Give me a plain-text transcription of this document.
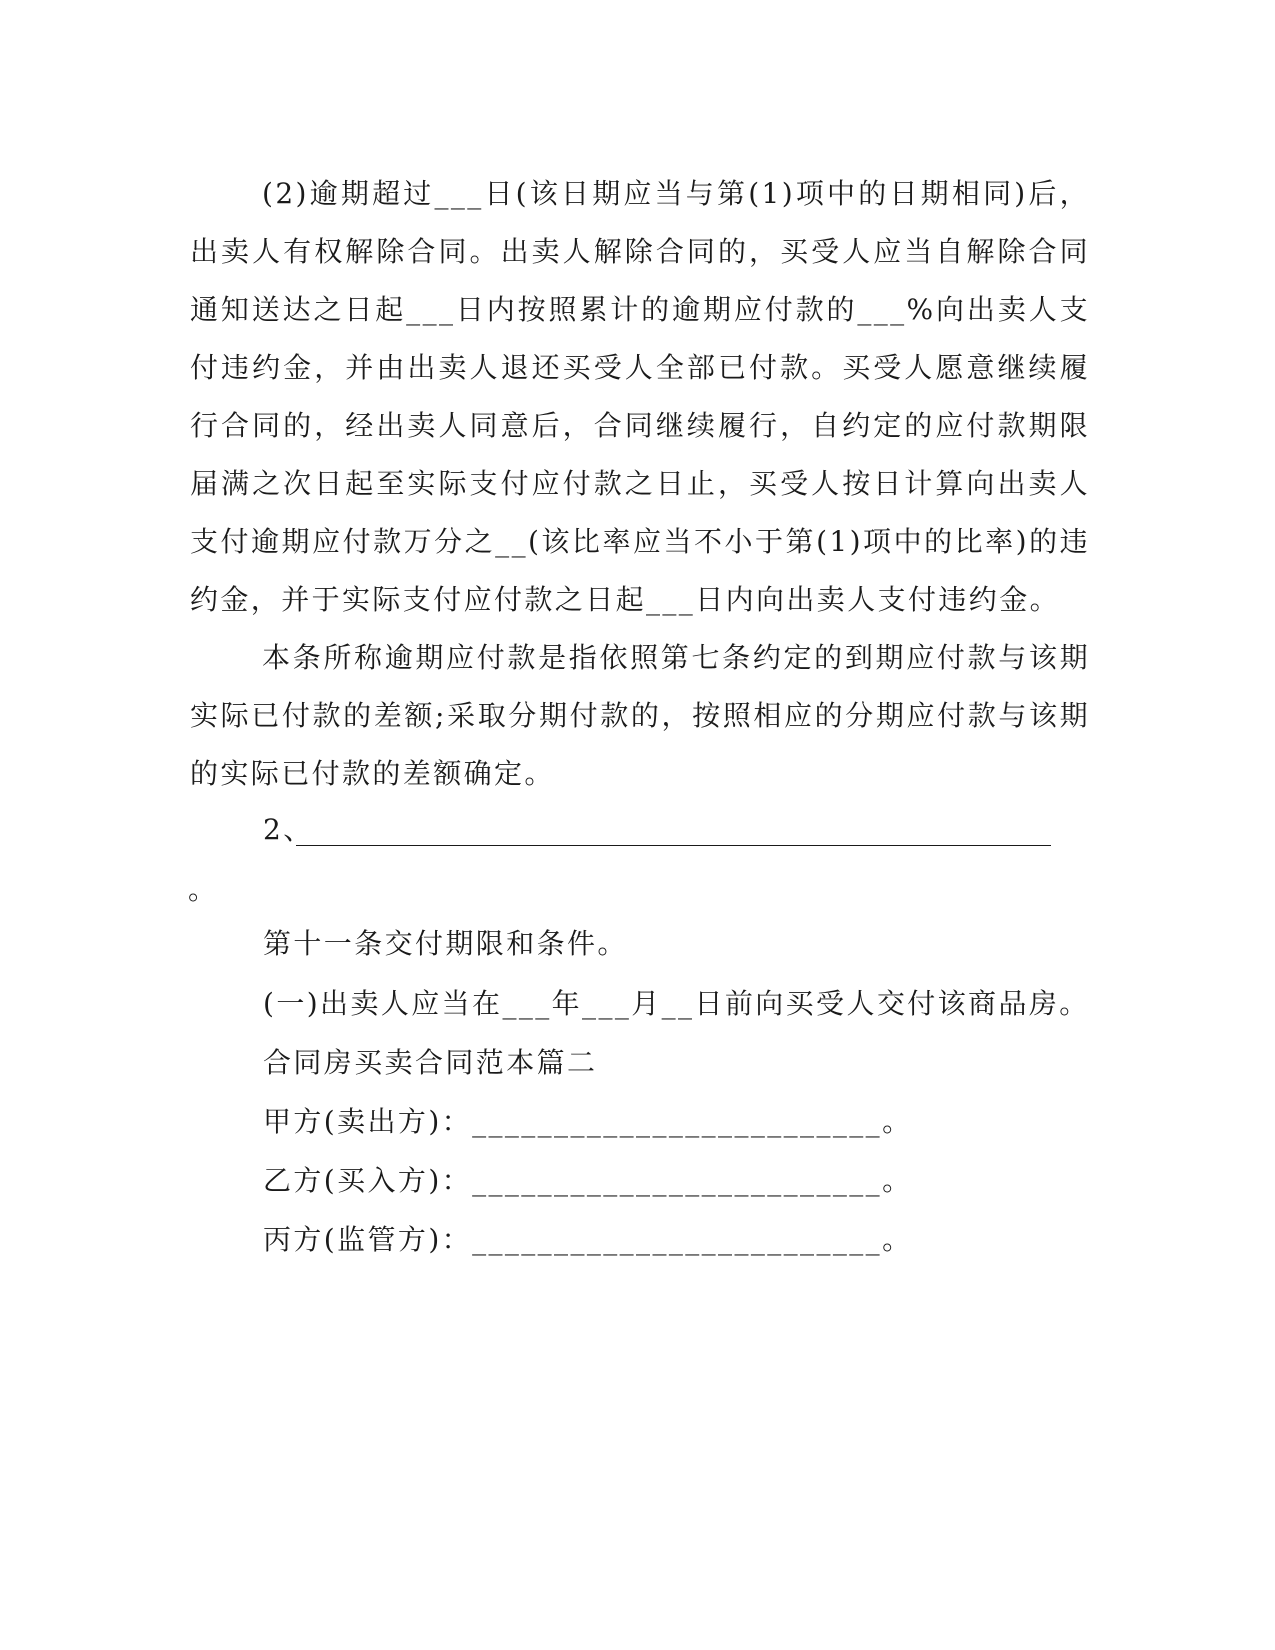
(2)逾期超过___日(该日期应当与第(1)项中的日期相同)后，出卖人有权解除合同。出卖人解除合同的，买受人应当自解除合同通知送达之日起___日内按照累计的逾期应付款的___%向出卖人支付违约金，并由出卖人退还买受人全部已付款。买受人愿意继续履行合同的，经出卖人同意后，合同继续履行，自约定的应付款期限届满之次日起至实际支付应付款之日止，买受人按日计算向出卖人支付逾期应付款万分之__(该比率应当不小于第(1)项中的比率)的违约金，并于实际支付应付款之日起___日内向出卖人支付违约金。

本条所称逾期应付款是指依照第七条约定的到期应付款与该期实际已付款的差额;采取分期付款的，按照相应的分期应付款与该期的实际已付款的差额确定。

2、
。
第十一条交付期限和条件。
(一)出卖人应当在___年___月__日前向买受人交付该商品房。
合同房买卖合同范本篇二
甲方(卖出方)：_________________________。
乙方(买入方)：_________________________。
丙方(监管方)：_________________________。
